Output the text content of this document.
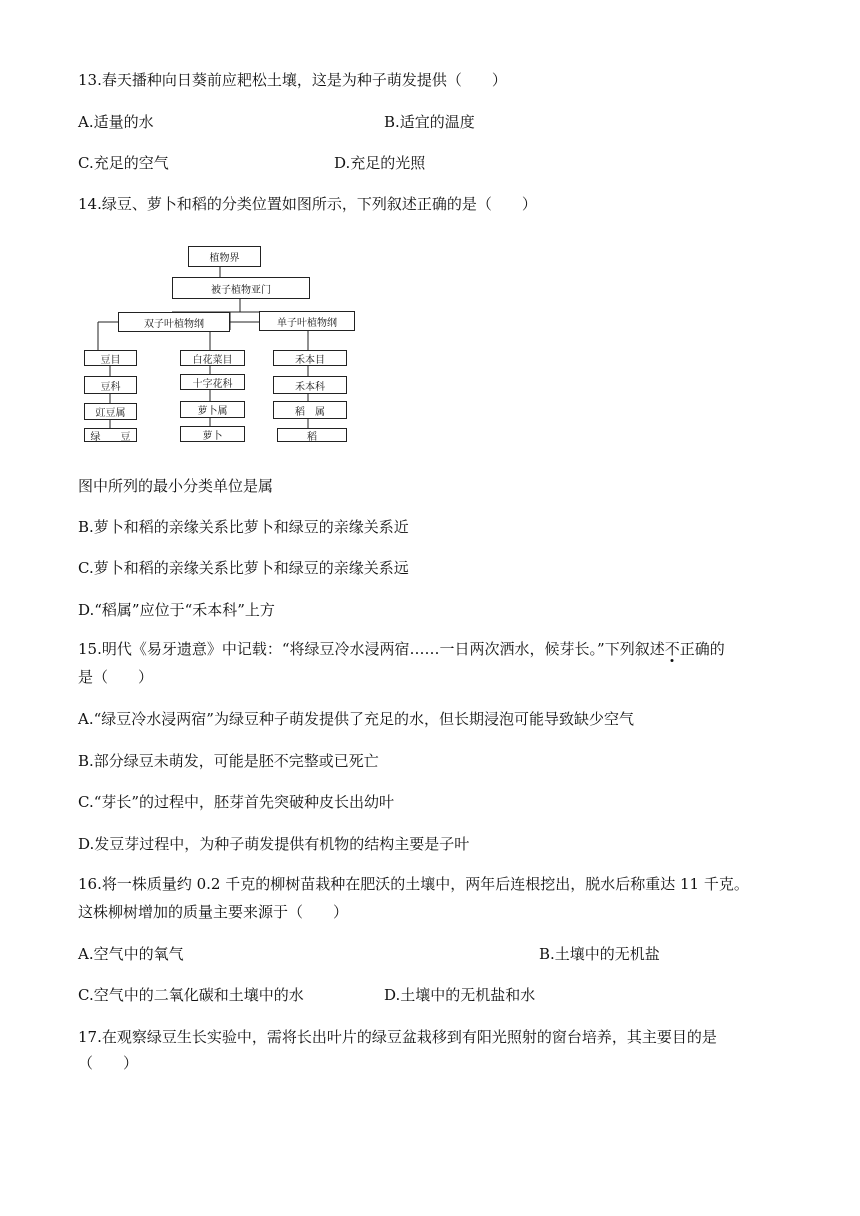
13.春天播种向日葵前应耙松土壤，这是为种子萌发提供（　　）
A.适量的水	B.适宜的温度
C.充足的空气	D.充足的光照
14.绿豆、萝卜和稻的分类位置如图所示，下列叙述正确的是（　　）
植物界
被子植物亚门
双子叶植物纲	单子叶植物纲
豆目	白花菜目	禾本目
豆科	十字花科	禾本科
豇豆属	萝卜属	稻　属
绿　　豆	萝卜	稻
图中所列的最小分类单位是属
B.萝卜和稻的亲缘关系比萝卜和绿豆的亲缘关系近
C.萝卜和稻的亲缘关系比萝卜和绿豆的亲缘关系远
D.“稻属”应位于“禾本科”上方
15.明代《易牙遗意》中记载：“将绿豆冷水浸两宿……一日两次洒水，候芽长。”下列叙述不正确的
是（　　）
A.“绿豆冷水浸两宿”为绿豆种子萌发提供了充足的水，但长期浸泡可能导致缺少空气
B.部分绿豆未萌发，可能是胚不完整或已死亡
C.“芽长”的过程中，胚芽首先突破种皮长出幼叶
D.发豆芽过程中，为种子萌发提供有机物的结构主要是子叶
16.将一株质量约 0.2 千克的柳树苗栽种在肥沃的土壤中，两年后连根挖出，脱水后称重达 11 千克。
这株柳树增加的质量主要来源于（　　）
A.空气中的氧气	B.土壤中的无机盐
C.空气中的二氧化碳和土壤中的水	D.土壤中的无机盐和水
17.在观察绿豆生长实验中，需将长出叶片的绿豆盆栽移到有阳光照射的窗台培养，其主要目的是
（　　）
